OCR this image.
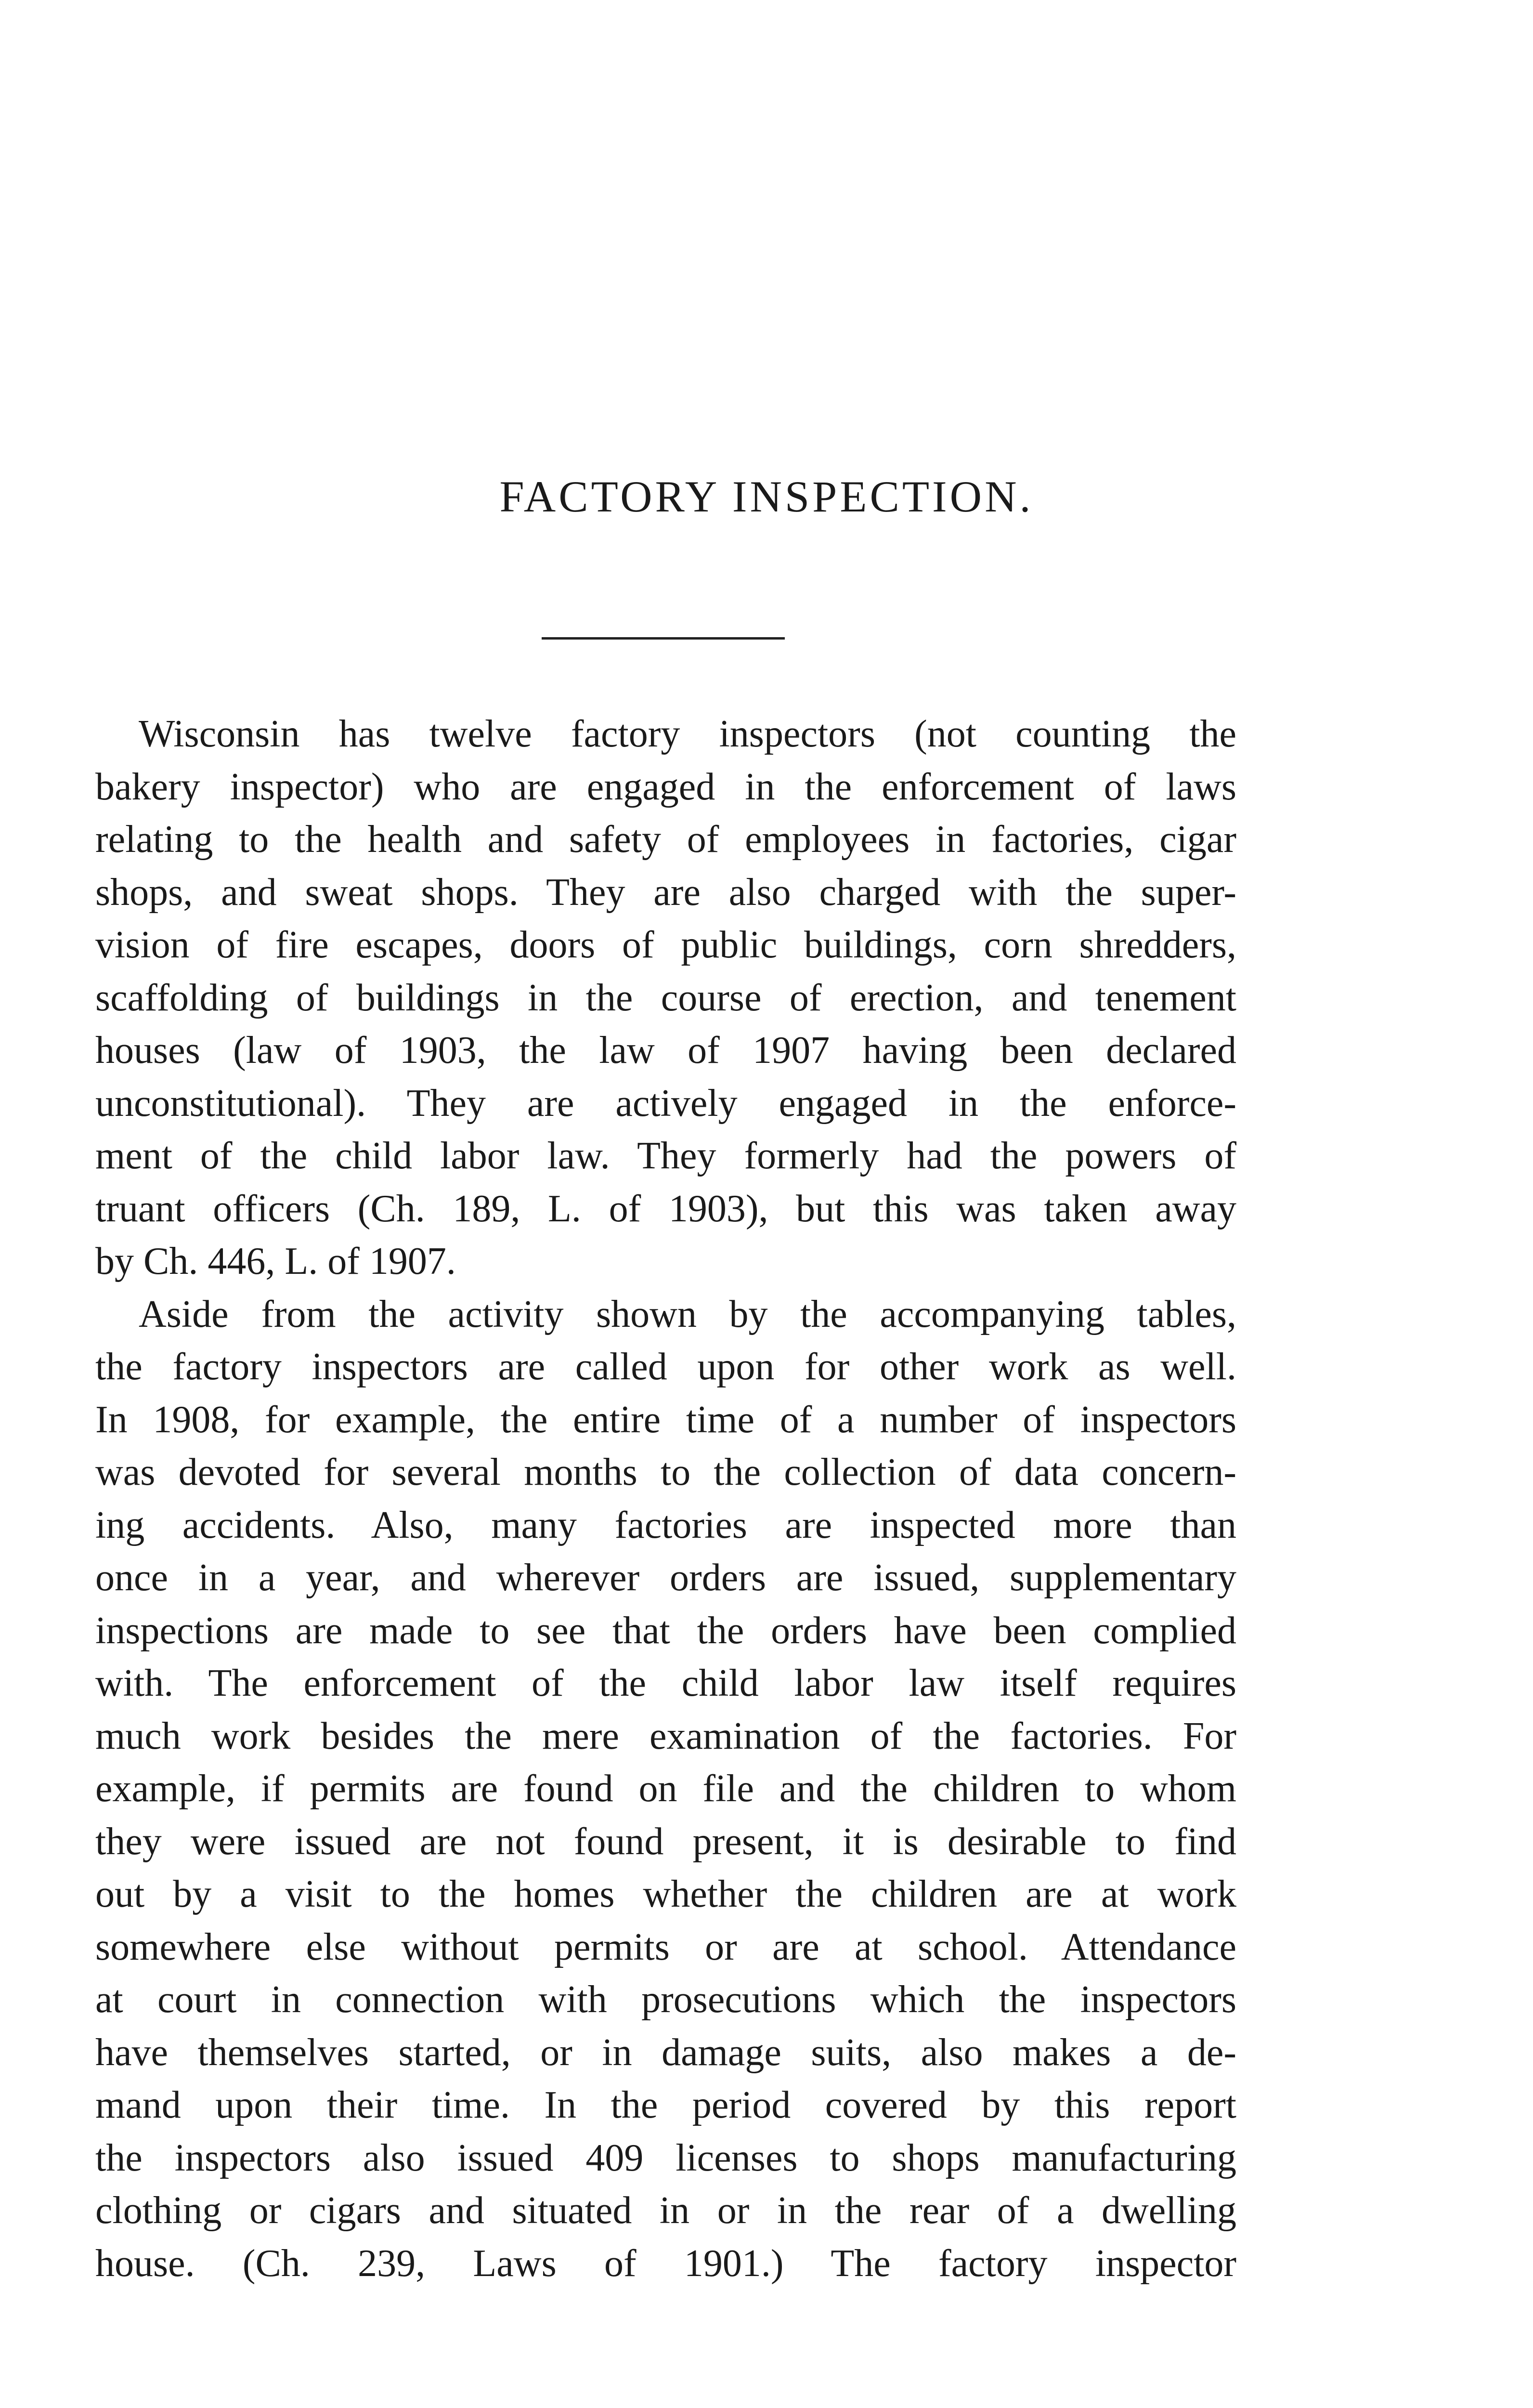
FACTORY INSPECTION.
Wisconsin has twelve factory inspectors (not counting the
bakery inspector) who are engaged in the enforcement of laws
relating to the health and safety of employees in factories, cigar
shops, and sweat shops. They are also charged with the super-
vision of fire escapes, doors of public buildings, corn shredders,
scaffolding of buildings in the course of erection, and tenement
houses (law of 1903, the law of 1907 having been declared
unconstitutional). They are actively engaged in the enforce-
ment of the child labor law. They formerly had the powers of
truant officers (Ch. 189, L. of 1903), but this was taken away
by Ch. 446, L. of 1907.
Aside from the activity shown by the accompanying tables,
the factory inspectors are called upon for other work as well.
In 1908, for example, the entire time of a number of inspectors
was devoted for several months to the collection of data concern-
ing accidents. Also, many factories are inspected more than
once in a year, and wherever orders are issued, supplementary
inspections are made to see that the orders have been complied
with. The enforcement of the child labor law itself requires
much work besides the mere examination of the factories. For
example, if permits are found on file and the children to whom
they were issued are not found present, it is desirable to find
out by a visit to the homes whether the children are at work
somewhere else without permits or are at school. Attendance
at court in connection with prosecutions which the inspectors
have themselves started, or in damage suits, also makes a de-
mand upon their time. In the period covered by this report
the inspectors also issued 409 licenses to shops manufacturing
clothing or cigars and situated in or in the rear of a dwelling
house. (Ch. 239, Laws of 1901.) The factory inspector
